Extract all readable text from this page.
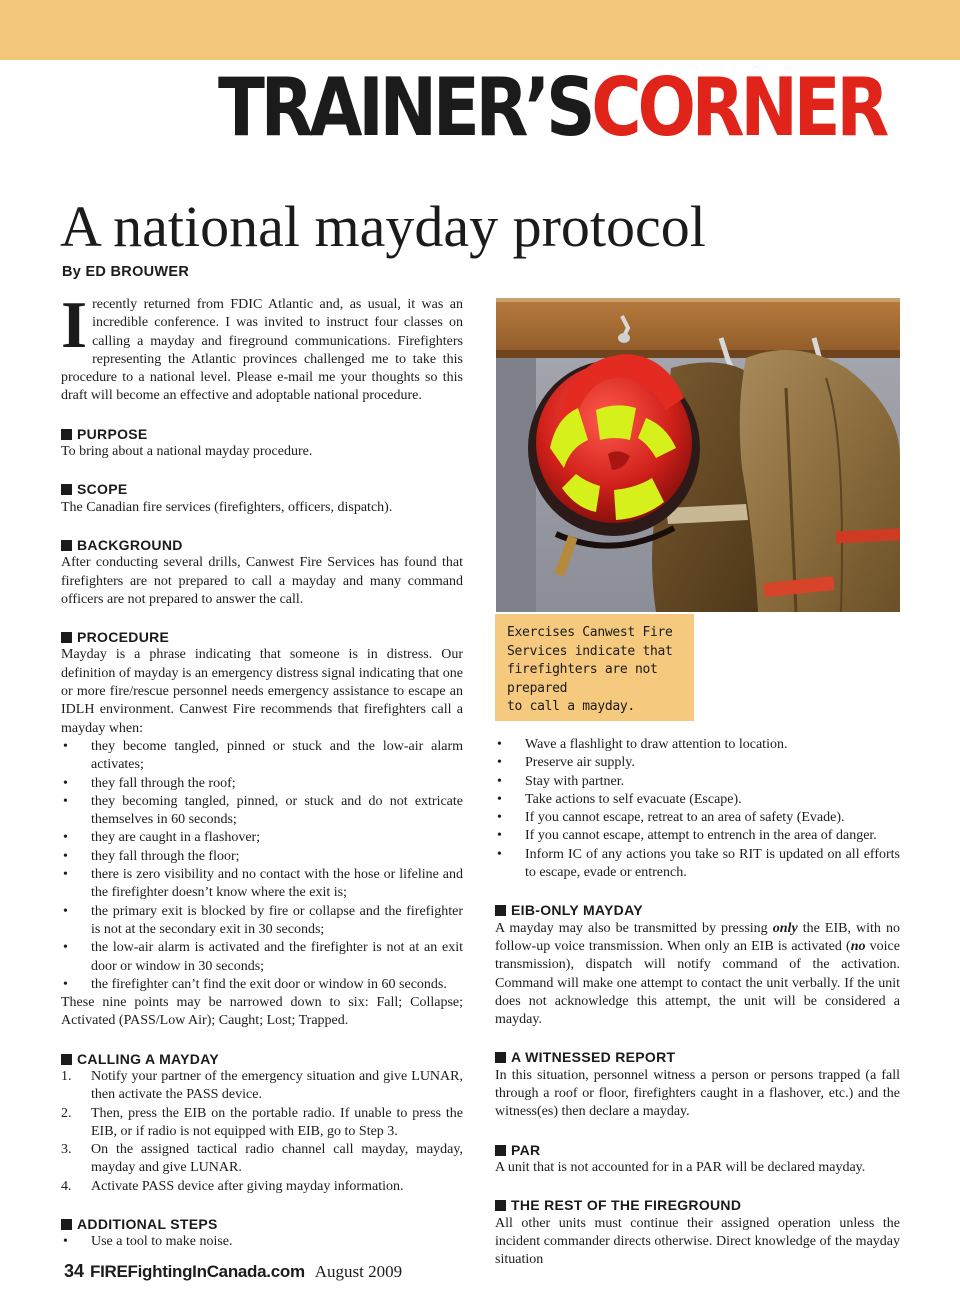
TRAINER’SCORNER
A national mayday protocol
By ED BROUWER

Irecently returned from FDIC Atlantic and, as usual, it was an incredible conference. I was invited to instruct four classes on calling a mayday and fireground communications. Firefighters representing the Atlantic provinces challenged me to take this procedure to a national level. Please e-mail me your thoughts so this draft will become an effective and adoptable national procedure.

PURPOSE

To bring about a national mayday procedure.

SCOPE

The Canadian fire services (firefighters, officers, dispatch).

BACKGROUND

After conducting several drills, Canwest Fire Services has found that firefighters are not prepared to call a mayday and many command officers are not prepared to answer the call.

PROCEDURE

Mayday is a phrase indicating that someone is in distress. Our definition of mayday is an emergency distress signal indicating that one or more fire/rescue personnel needs emergency assistance to escape an IDLH environment. Canwest Fire recommends that firefighters call a mayday when:

• they become tangled, pinned or stuck and the low-air alarm activates;
• they fall through the roof;
• they becoming tangled, pinned, or stuck and do not extricate themselves in 60 seconds;
• they are caught in a flashover;
• they fall through the floor;
• there is zero visibility and no contact with the hose or lifeline and the firefighter doesn’t know where the exit is;
• the primary exit is blocked by fire or collapse and the firefighter is not at the secondary exit in 30 seconds;
• the low-air alarm is activated and the firefighter is not at an exit door or window in 30 seconds;
• the firefighter can’t find the exit door or window in 60 seconds.

These nine points may be narrowed down to six: Fall; Collapse; Activated (PASS/Low Air); Caught; Lost; Trapped.

CALLING A MAYDAY
1. Notify your partner of the emergency situation and give LUNAR, then activate the PASS device.
2. Then, press the EIB on the portable radio. If unable to press the EIB, or if radio is not equipped with EIB, go to Step 3.
3. On the assigned tactical radio channel call mayday, mayday, mayday and give LUNAR.
4. Activate PASS device after giving mayday information.
ADDITIONAL STEPS
• Use a tool to make noise.
Exercises Canwest Fire
Services indicate that
firefighters are not prepared
to call a mayday.
• Wave a flashlight to draw attention to location.
• Preserve air supply.
• Stay with partner.
• Take actions to self evacuate (Escape).
• If you cannot escape, retreat to an area of safety (Evade).
• If you cannot escape, attempt to entrench in the area of danger.
• Inform IC of any actions you take so RIT is updated on all efforts to escape, evade or entrench.
EIB-ONLY MAYDAY

A mayday may also be transmitted by pressing only the EIB, with no follow-up voice transmission. When only an EIB is activated (no voice transmission), dispatch will notify command of the activation. Command will make one attempt to contact the unit verbally. If the unit does not acknowledge this attempt, the unit will be considered a mayday.

A WITNESSED REPORT

In this situation, personnel witness a person or persons trapped (a fall through a roof or floor, firefighters caught in a flashover, etc.) and the witness(es) then declare a mayday.

PAR

A unit that is not accounted for in a PAR will be declared mayday.

THE REST OF THE FIREGROUND

All other units must continue their assigned operation unless the incident commander directs otherwise. Direct knowledge of the mayday situation

34 FIREFightingInCanada.com August 2009
